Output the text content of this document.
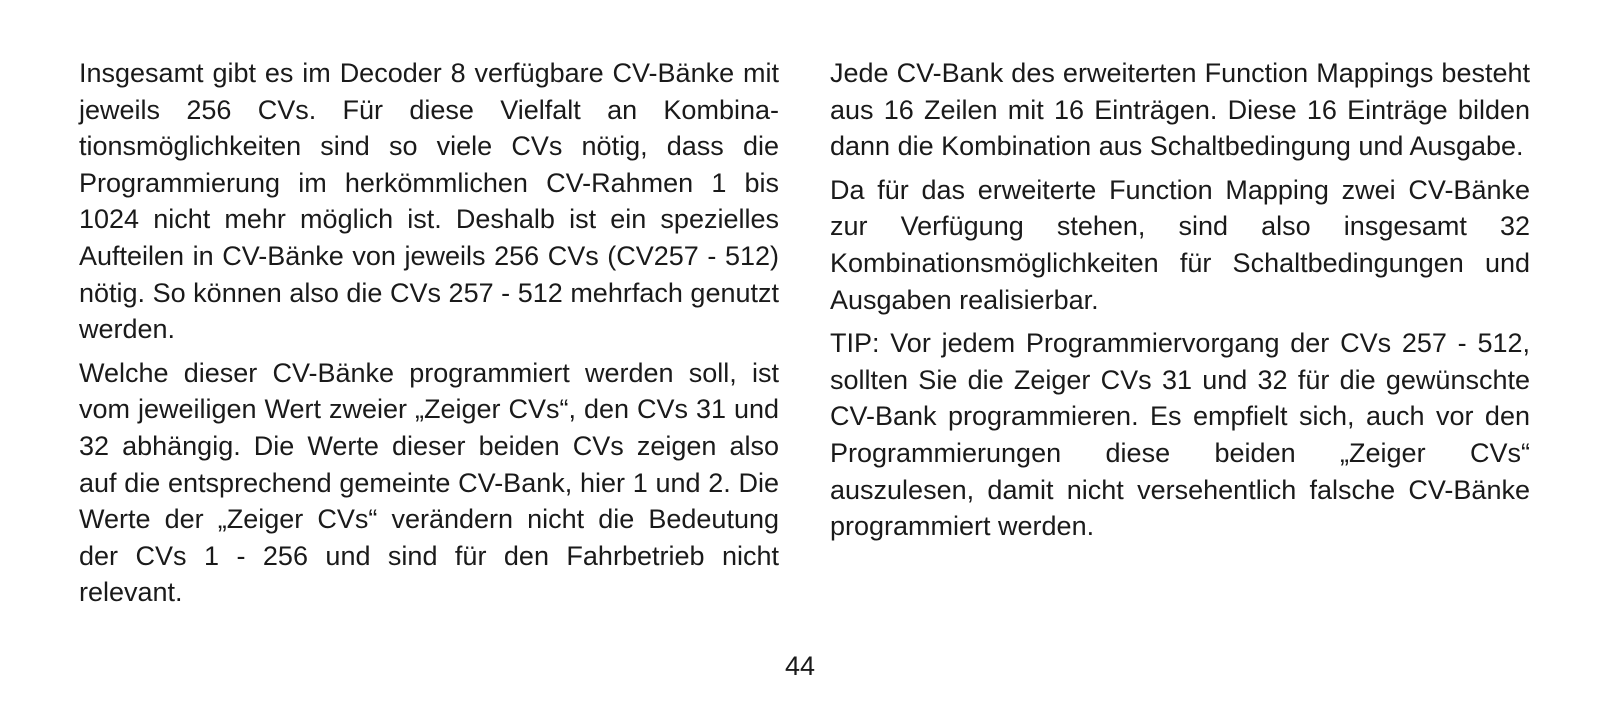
Insgesamt gibt es im Decoder 8 verfügbare CV-Bänke mit jeweils 256 CVs. Für diese Vielfalt an Kombinationsmöglichkeiten sind so viele CVs nötig, dass die Programmierung im herkömmlichen CV-Rahmen 1 bis 1024 nicht mehr möglich ist. Deshalb ist ein spezielles Aufteilen in CV-Bänke von jeweils 256 CVs (CV257 - 512) nötig. So können also die CVs 257 - 512 mehrfach genutzt werden.

Welche dieser CV-Bänke programmiert werden soll, ist vom jeweiligen Wert zweier „Zeiger CVs“, den CVs 31 und 32 abhängig. Die Werte dieser beiden CVs zeigen also auf die entsprechend gemeinte CV-Bank, hier 1 und 2. Die Werte der „Zeiger CVs“ verändern nicht die Bedeutung der CVs 1 - 256 und sind für den Fahrbetrieb nicht relevant.

Jede CV-Bank des erweiterten Function Mappings besteht aus 16 Zeilen mit 16 Einträgen. Diese 16 Einträge bilden dann die Kombination aus Schaltbedingung und Ausgabe.

Da für das erweiterte Function Mapping zwei CV-Bänke zur Verfügung stehen, sind also insgesamt 32 Kombinationsmöglichkeiten für Schaltbedingungen und Ausgaben realisierbar.

TIP: Vor jedem Programmiervorgang der CVs 257 - 512, sollten Sie die Zeiger CVs 31 und 32 für die gewünschte CV-Bank programmieren. Es empfielt sich, auch vor den Programmierungen diese beiden „Zeiger CVs“ auszulesen, damit nicht versehentlich falsche CV-Bänke programmiert werden.

44
